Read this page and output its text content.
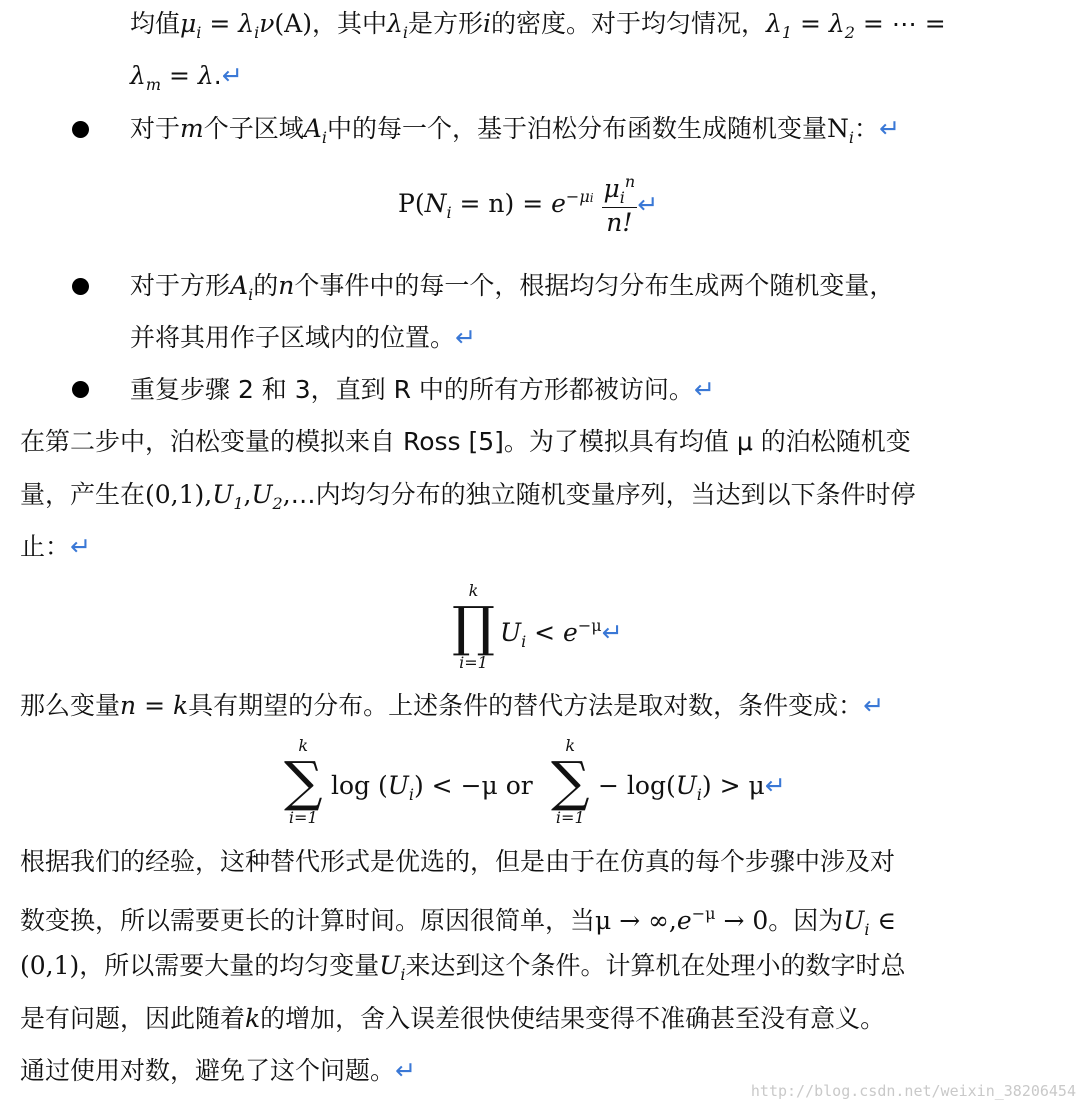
均值$\mu_i = \lambda_i\nu(A)$，其中$\lambda_i$是方形i的密度。对于均匀情况，$\lambda_1 = \lambda_2$ = ⋯ =
$\lambda_m$ = λ.↵
对于m个子区域$A_i$中的每一个，基于泊松分布函数生成随机变量$N_i$：↵
$P(N_i = n) = e^{-\mu i} \frac{\mu_i^n}{n!}$ ↵
对于方形$A_i$的n个事件中的每一个，根据均匀分布生成两个随机变量，
并将其用作子区域内的位置。↵
重复步骤 2 和 3，直到 R 中的所有方形都被访问。↵
在第二步中，泊松变量的模拟来自 Ross [5]。为了模拟具有均值 μ 的泊松随机变
量，产生在$(0,1),U_1,U_2,\dots$内均匀分布的独立随机变量序列，当达到以下条件时停
止：↵
k
∏
i=1
$U_i$ < $e^{-\mu}↵$
那么变量n = k具有期望的分布。上述条件的替代方法是取对数，条件变成：↵
k
∑
i=1
$\log (U_i) < -\mu$ or
k
∑
i=1
− $\log(U_i)$ > μ↵
根据我们的经验，这种替代形式是优选的，但是由于在仿真的每个步骤中涉及对
数变换，所以需要更长的计算时间。原因很简单，当$\mu \to \infty,e^{-\mu} \to 0$。因为$U_i$ ∈
(0,1)，所以需要大量的均匀变量$U_i$来达到这个条件。计算机在处理小的数字时总
是有问题，因此随着k的增加，舍入误差很快使结果变得不准确甚至没有意义。
通过使用对数，避免了这个问题。↵
http://blog.csdn.net/weixin_38206454
